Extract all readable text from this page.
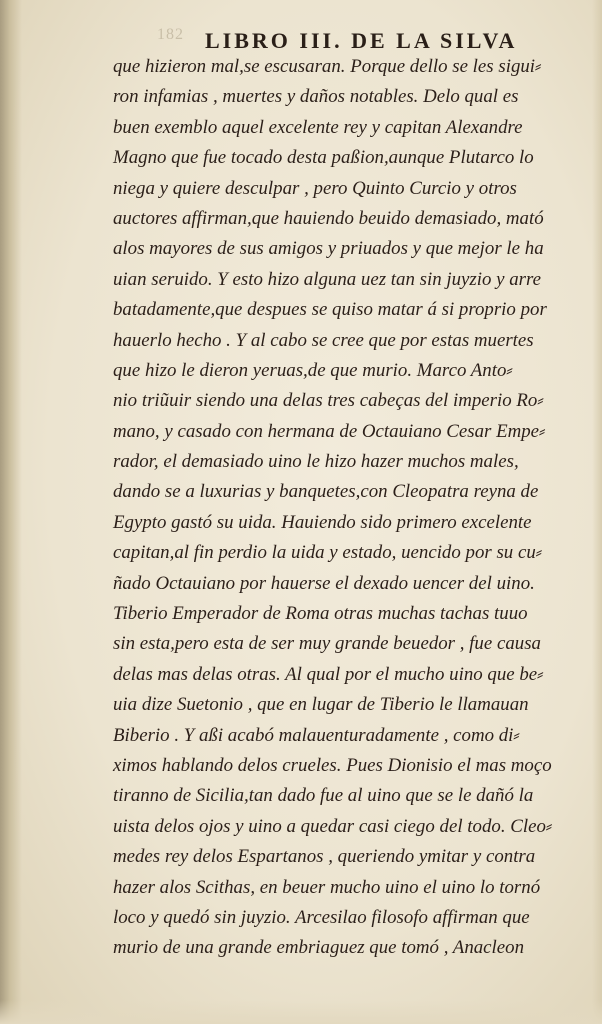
182 LIBRO III. DE LA SILVA
que hizieron mal,se escusaran. Porque dello se les sigui⸗
ron infamias , muertes y daños notables. Delo qual es
buen exemblo aquel excelente rey y capitan Alexandre
Magno que fue tocado desta paßion,aunque Plutarco lo
niega y quiere desculpar , pero Quinto Curcio y otros
auctores affirman,que hauiendo beuido demasiado, mató
alos mayores de sus amigos y priuados y que mejor le ha
uian seruido. Y esto hizo alguna uez tan sin juyzio y arre
batadamente,que despues se quiso matar á si proprio por
hauerlo hecho . Y al cabo se cree que por estas muertes
que hizo le dieron yeruas,de que murio. Marco Anto⸗
nio triũuir siendo una delas tres cabeças del imperio Ro⸗
mano, y casado con hermana de Octauiano Cesar Empe⸗
rador, el demasiado uino le hizo hazer muchos males,
dando se a luxurias y banquetes,con Cleopatra reyna de
Egypto gastó su uida. Hauiendo sido primero excelente
capitan,al fin perdio la uida y estado, uencido por su cu⸗
ñado Octauiano por hauerse el dexado uencer del uino.
Tiberio Emperador de Roma otras muchas tachas tuuo
sin esta,pero esta de ser muy grande beuedor , fue causa
delas mas delas otras. Al qual por el mucho uino que be⸗
uia dize Suetonio , que en lugar de Tiberio le llamauan
Biberio . Y aßi acabó malauenturadamente , como di⸗
ximos hablando delos crueles. Pues Dionisio el mas moço
tiranno de Sicilia,tan dado fue al uino que se le dañó la
uista delos ojos y uino a quedar casi ciego del todo. Cleo⸗
medes rey delos Espartanos , queriendo ymitar y contra
hazer alos Scithas, en beuer mucho uino el uino lo tornó
loco y quedó sin juyzio. Arcesilao filosofo affirman que
murio de una grande embriaguez que tomó , Anacleon
